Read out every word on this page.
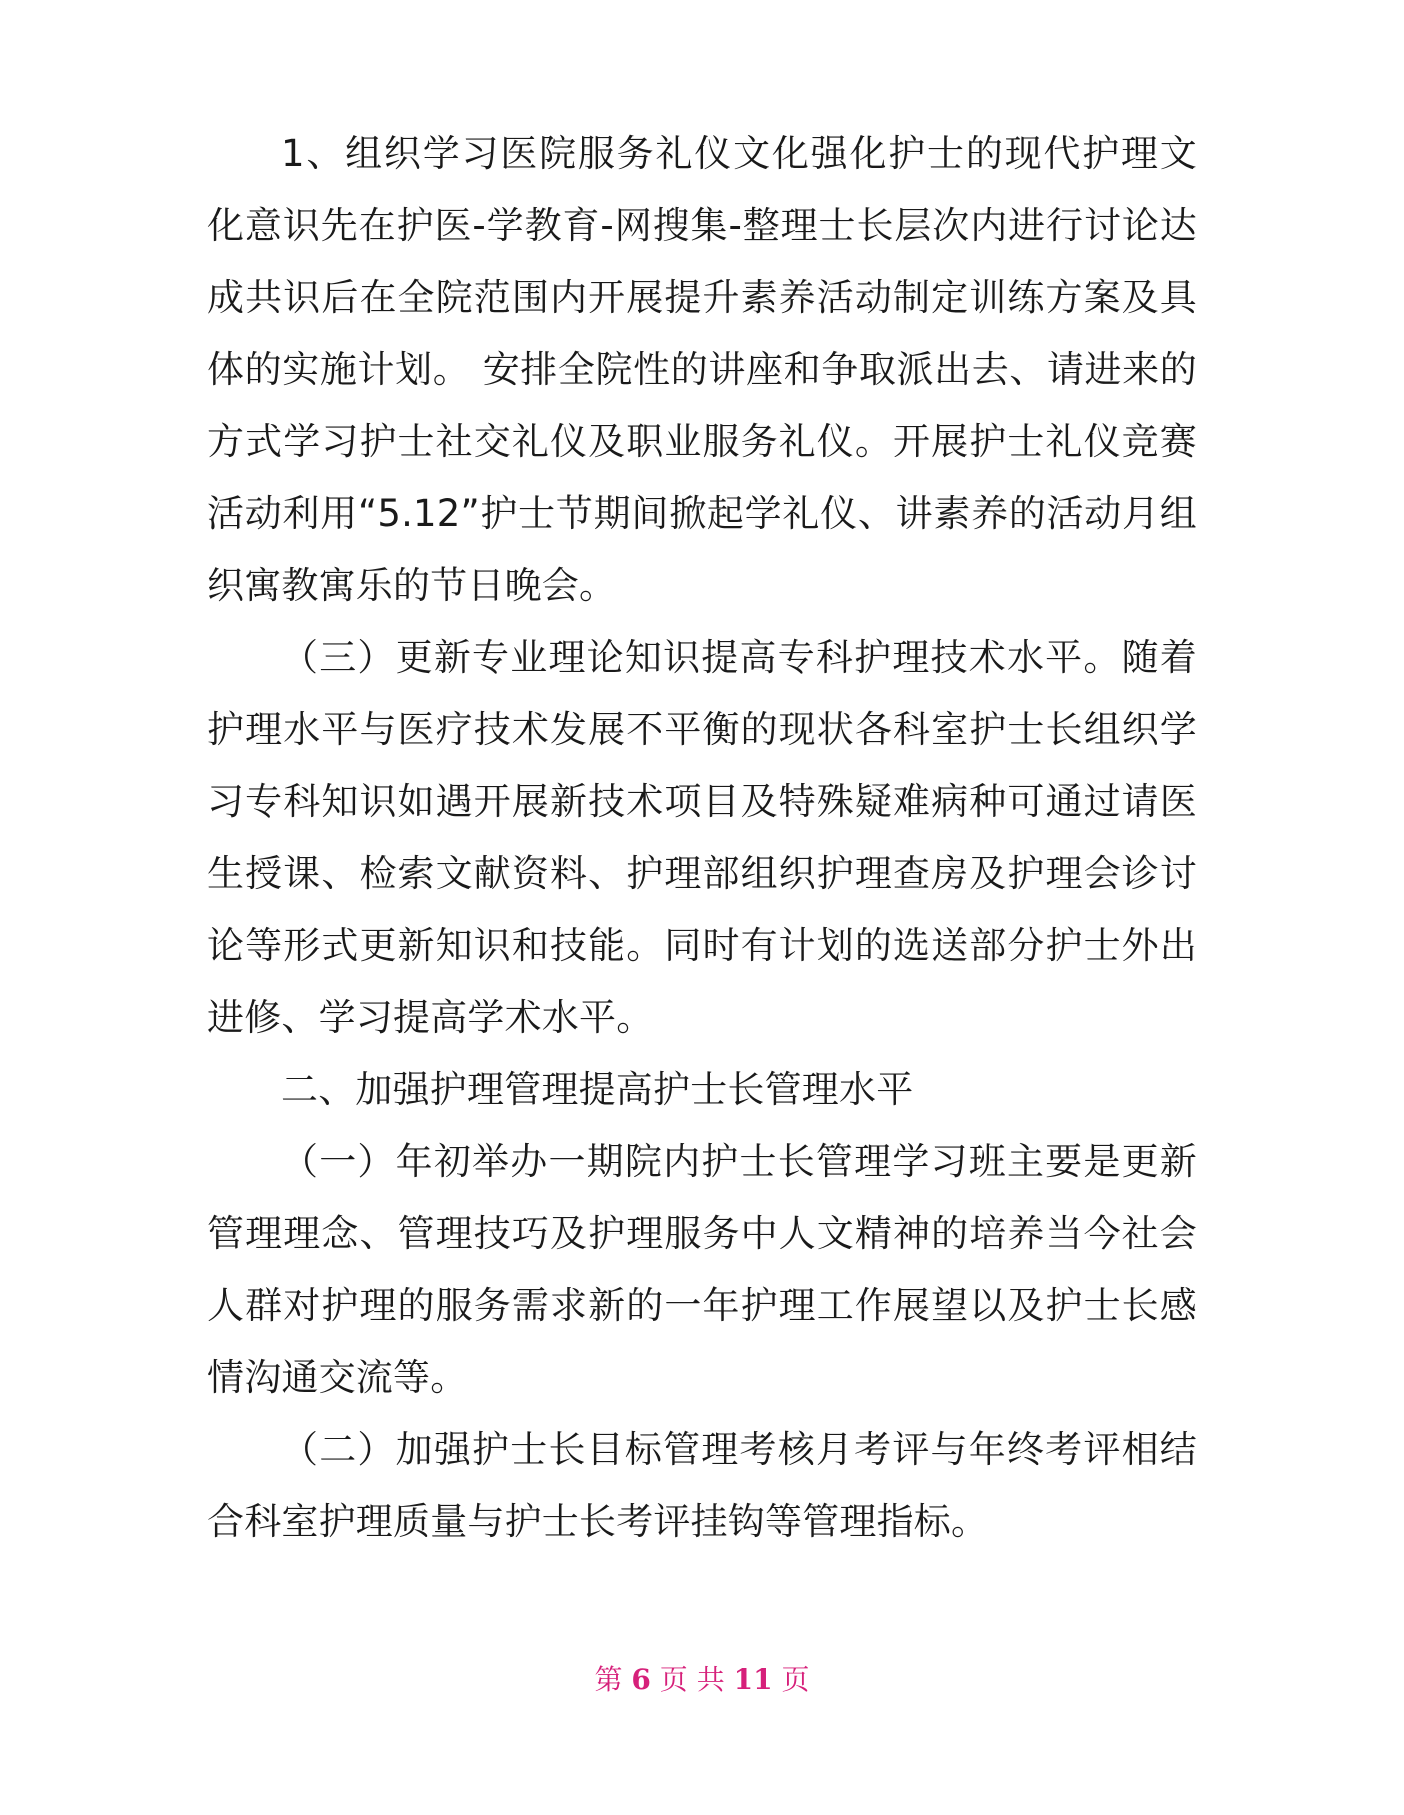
1、组织学习医院服务礼仪文化强化护士的现代护理文化意识先在护医-学教育-网搜集-整理士长层次内进行讨论达成共识后在全院范围内开展提升素养活动制定训练方案及具体的实施计划。 安排全院性的讲座和争取派出去、请进来的方式学习护士社交礼仪及职业服务礼仪。开展护士礼仪竞赛活动利用“5.12”护士节期间掀起学礼仪、讲素养的活动月组织寓教寓乐的节日晚会。

（三）更新专业理论知识提高专科护理技术水平。随着护理水平与医疗技术发展不平衡的现状各科室护士长组织学习专科知识如遇开展新技术项目及特殊疑难病种可通过请医生授课、检索文献资料、护理部组织护理查房及护理会诊讨论等形式更新知识和技能。同时有计划的选送部分护士外出进修、学习提高学术水平。

二、加强护理管理提高护士长管理水平

（一）年初举办一期院内护士长管理学习班主要是更新管理理念、管理技巧及护理服务中人文精神的培养当今社会人群对护理的服务需求新的一年护理工作展望以及护士长感情沟通交流等。

（二）加强护士长目标管理考核月考评与年终考评相结合科室护理质量与护士长考评挂钩等管理指标。

第 6 页 共 11 页
